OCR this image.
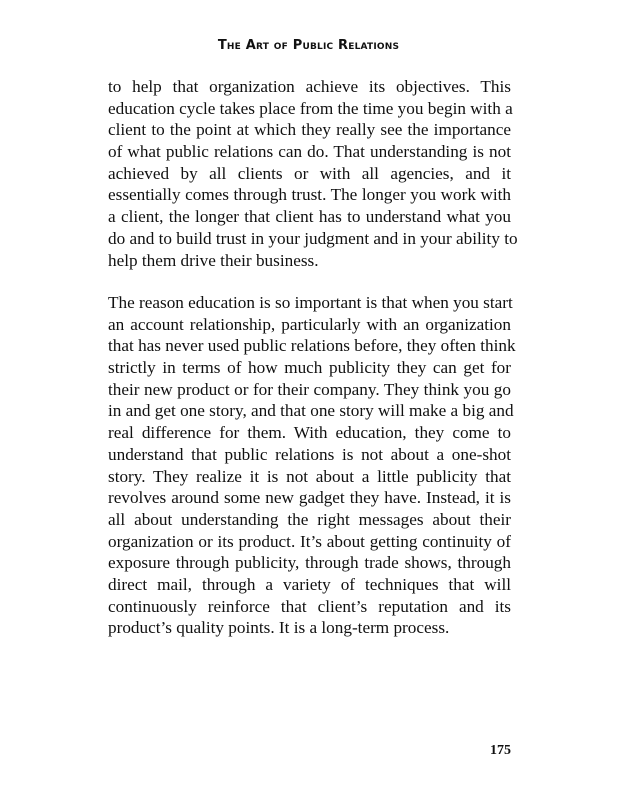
The Art of Public Relations
to help that organization achieve its objectives. This
education cycle takes place from the time you begin with a
client to the point at which they really see the importance
of what public relations can do. That understanding is not
achieved by all clients or with all agencies, and it
essentially comes through trust. The longer you work with
a client, the longer that client has to understand what you
do and to build trust in your judgment and in your ability to
help them drive their business.
The reason education is so important is that when you start
an account relationship, particularly with an organization
that has never used public relations before, they often think
strictly in terms of how much publicity they can get for
their new product or for their company. They think you go
in and get one story, and that one story will make a big and
real difference for them. With education, they come to
understand that public relations is not about a one-shot
story. They realize it is not about a little publicity that
revolves around some new gadget they have. Instead, it is
all about understanding the right messages about their
organization or its product. It’s about getting continuity of
exposure through publicity, through trade shows, through
direct mail, through a variety of techniques that will
continuously reinforce that client’s reputation and its
product’s quality points. It is a long-term process.
175
